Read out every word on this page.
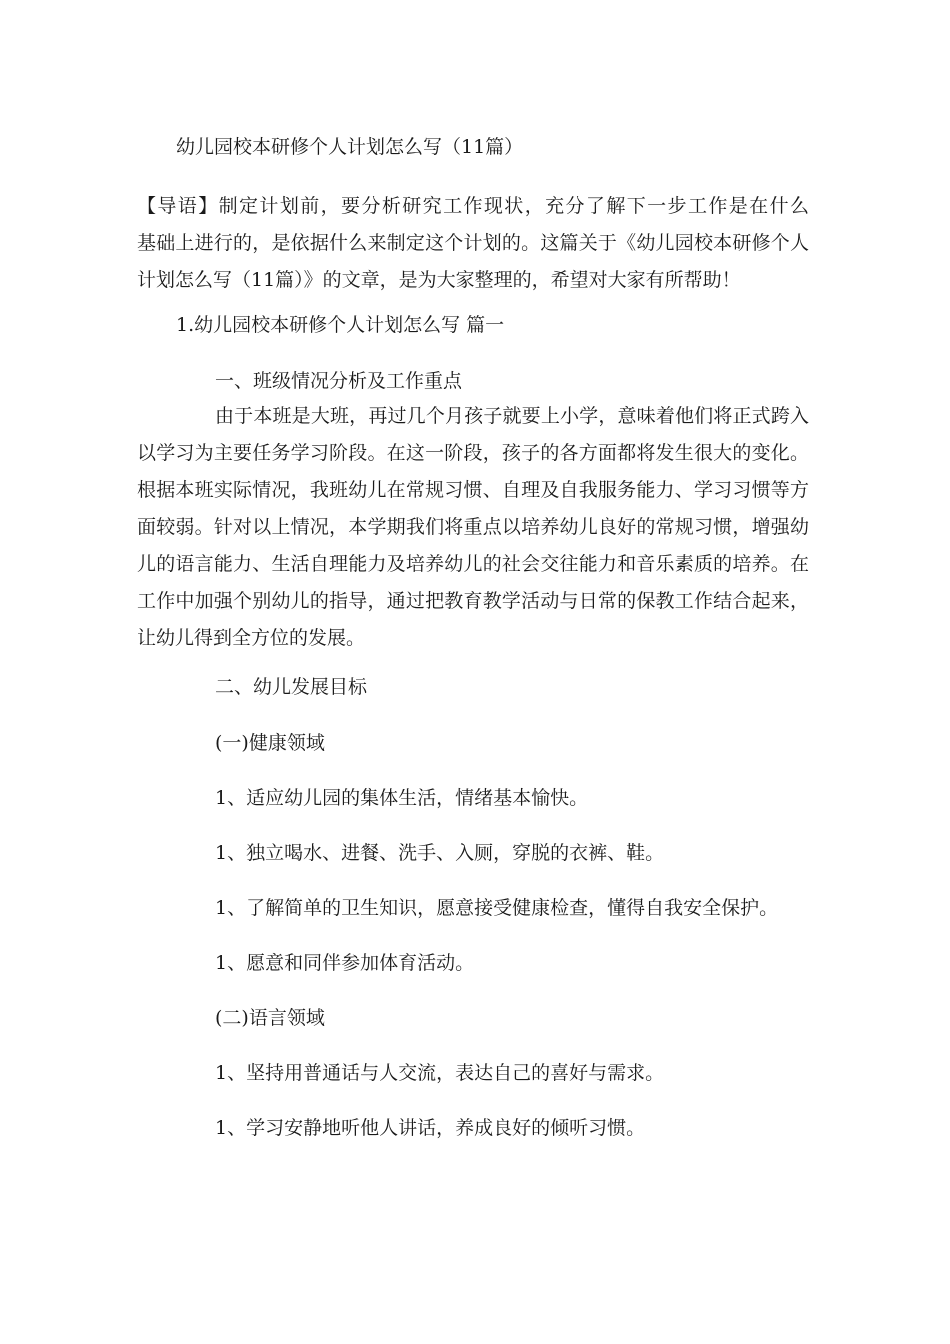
幼儿园校本研修个人计划怎么写（11篇）

【导语】制定计划前，要分析研究工作现状，充分了解下一步工作是在什么
基础上进行的，是依据什么来制定这个计划的。这篇关于《幼儿园校本研修个人
计划怎么写（11篇）》的文章，是为大家整理的，希望对大家有所帮助！

1.幼儿园校本研修个人计划怎么写 篇一

一、班级情况分析及工作重点

由于本班是大班，再过几个月孩子就要上小学，意味着他们将正式跨入
以学习为主要任务学习阶段。在这一阶段，孩子的各方面都将发生很大的变化。
根据本班实际情况，我班幼儿在常规习惯、自理及自我服务能力、学习习惯等方
面较弱。针对以上情况，本学期我们将重点以培养幼儿良好的常规习惯，增强幼
儿的语言能力、生活自理能力及培养幼儿的社会交往能力和音乐素质的培养。在
工作中加强个别幼儿的指导，通过把教育教学活动与日常的保教工作结合起来，
让幼儿得到全方位的发展。

二、幼儿发展目标

(一)健康领域

1、适应幼儿园的集体生活，情绪基本愉快。

1、独立喝水、进餐、洗手、入厕，穿脱的衣裤、鞋。

1、了解简单的卫生知识，愿意接受健康检查，懂得自我安全保护。

1、愿意和同伴参加体育活动。

(二)语言领域

1、坚持用普通话与人交流，表达自己的喜好与需求。

1、学习安静地听他人讲话，养成良好的倾听习惯。
